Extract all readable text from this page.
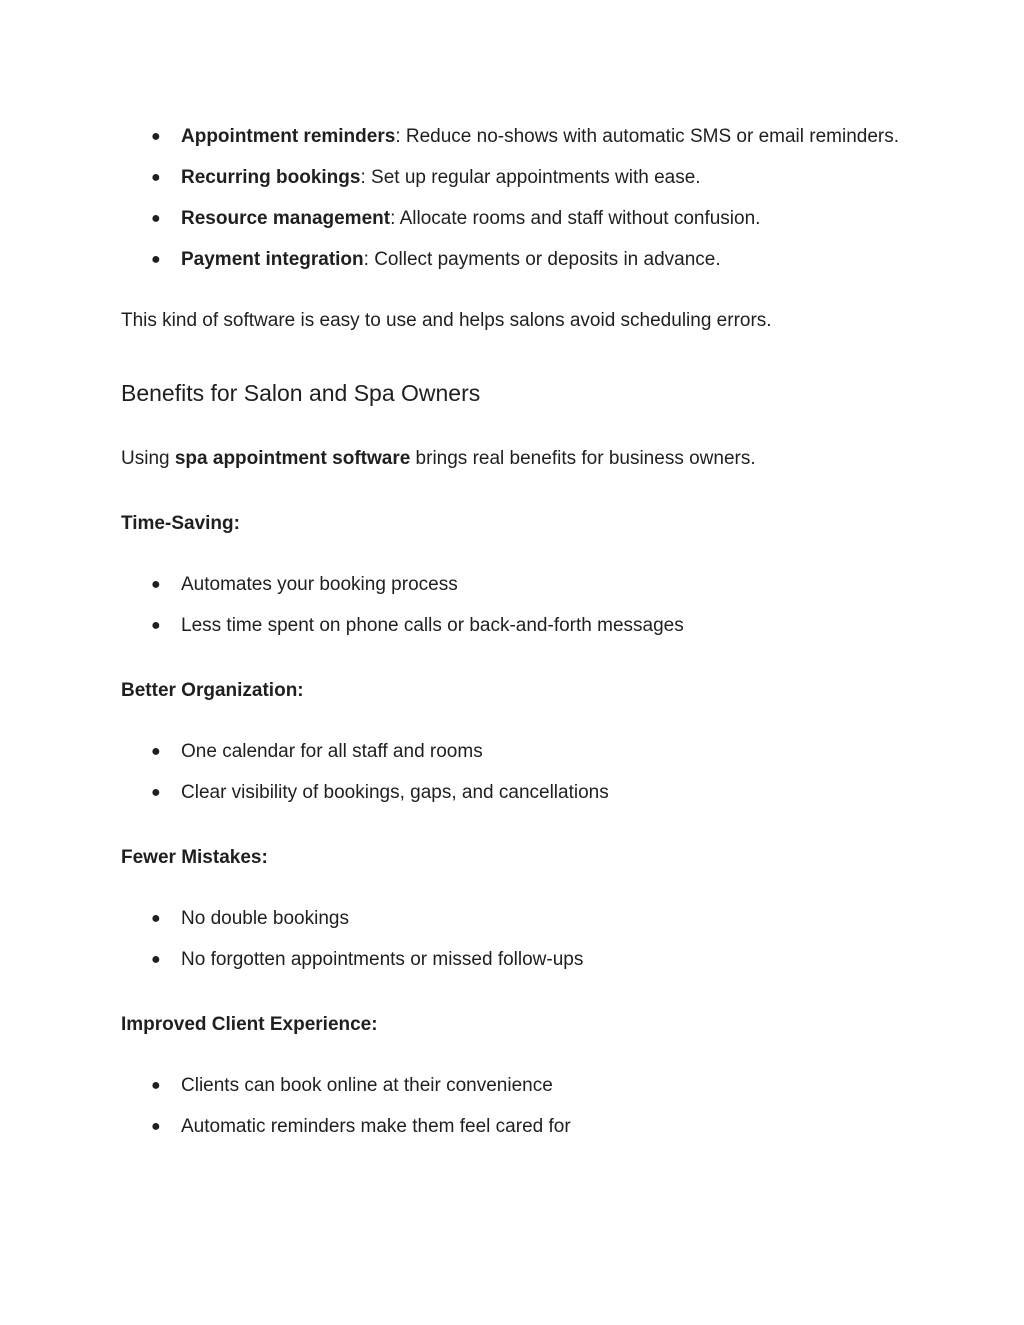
● Appointment reminders: Reduce no-shows with automatic SMS or email reminders.
● Recurring bookings: Set up regular appointments with ease.
● Resource management: Allocate rooms and staff without confusion.
● Payment integration: Collect payments or deposits in advance.

This kind of software is easy to use and helps salons avoid scheduling errors.

Benefits for Salon and Spa Owners

Using spa appointment software brings real benefits for business owners.

Time-Saving:

● Automates your booking process
● Less time spent on phone calls or back-and-forth messages

Better Organization:

● One calendar for all staff and rooms
● Clear visibility of bookings, gaps, and cancellations

Fewer Mistakes:

● No double bookings
● No forgotten appointments or missed follow-ups

Improved Client Experience:

● Clients can book online at their convenience
● Automatic reminders make them feel cared for
